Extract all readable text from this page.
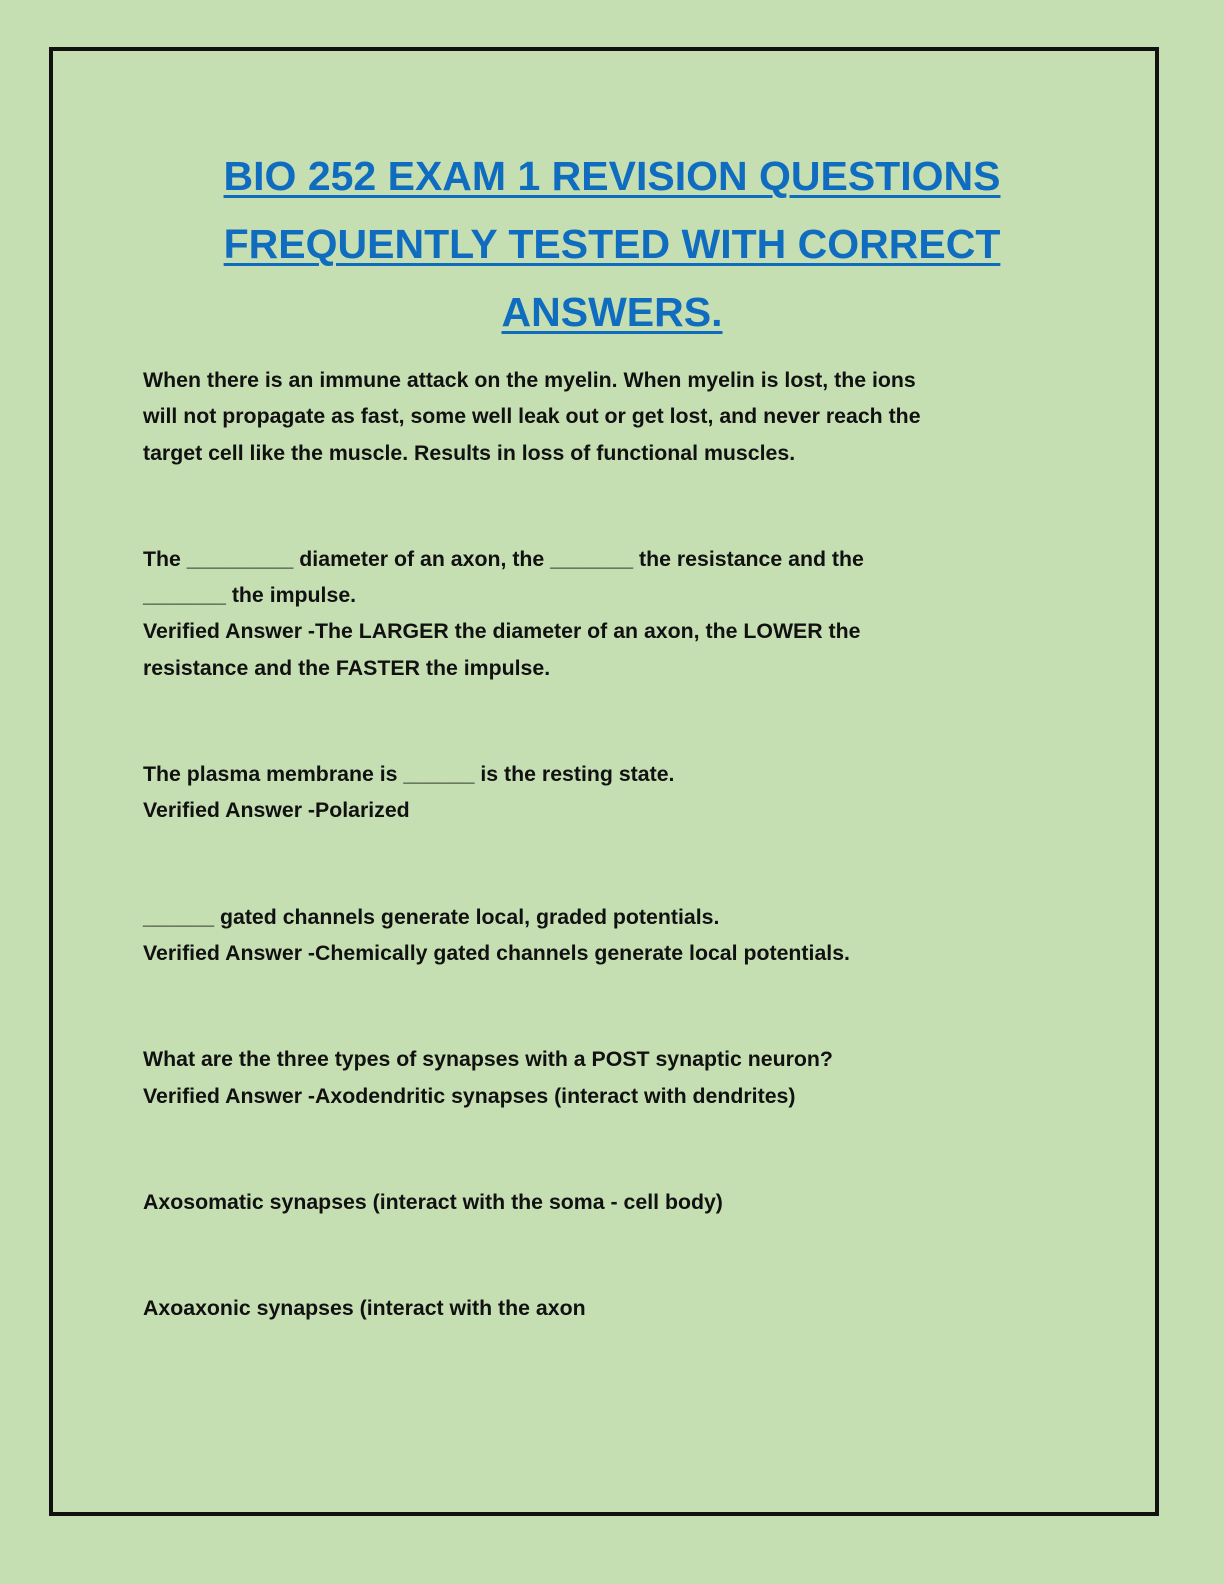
BIO 252 EXAM 1 REVISION QUESTIONS
FREQUENTLY TESTED WITH CORRECT
ANSWERS.
When there is an immune attack on the myelin. When myelin is lost, the ions
will not propagate as fast, some well leak out or get lost, and never reach the
target cell like the muscle. Results in loss of functional muscles.
The _________ diameter of an axon, the _______ the resistance and the
_______ the impulse.
Verified Answer -The LARGER the diameter of an axon, the LOWER the
resistance and the FASTER the impulse.
The plasma membrane is ______ is the resting state.
Verified Answer -Polarized
______ gated channels generate local, graded potentials.
Verified Answer -Chemically gated channels generate local potentials.
What are the three types of synapses with a POST synaptic neuron?
Verified Answer -Axodendritic synapses (interact with dendrites)
Axosomatic synapses (interact with the soma - cell body)
Axoaxonic synapses (interact with the axon
